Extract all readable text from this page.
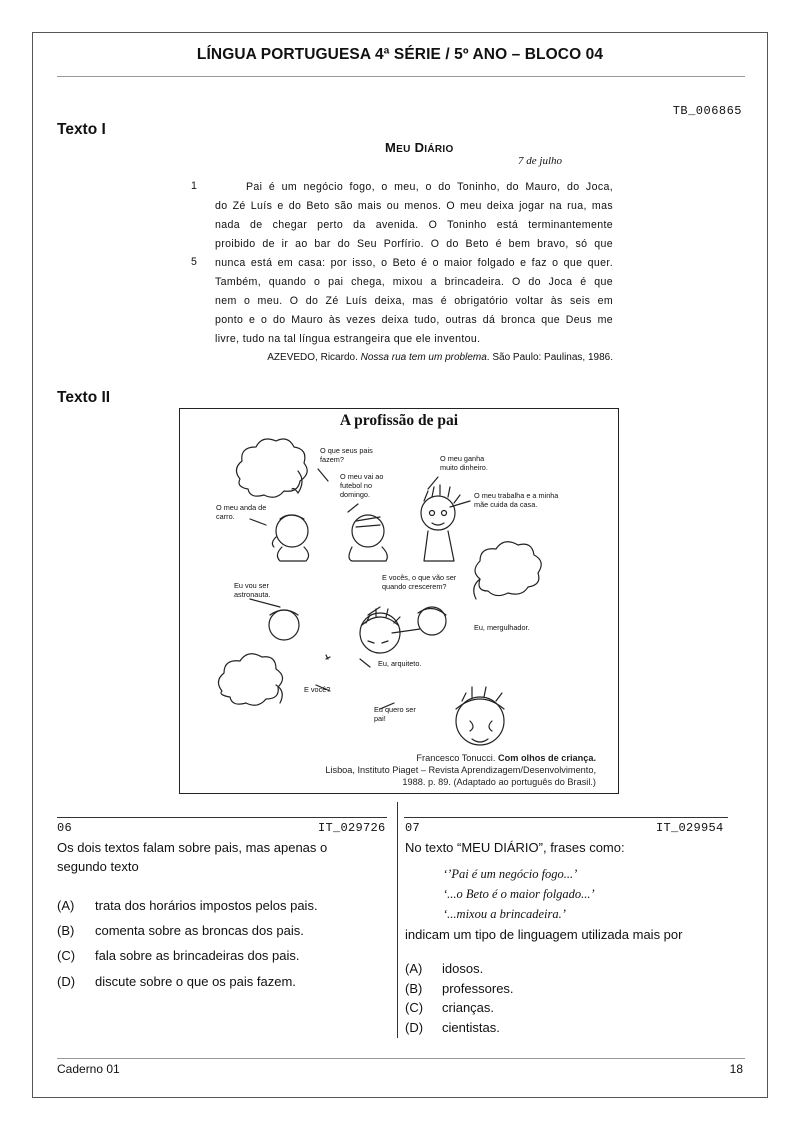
LÍNGUA PORTUGUESA 4ª SÉRIE / 5º ANO – BLOCO 04
TB_006865
Texto I
MEU DIÁRIO
7 de julho
1
5
Pai é um negócio fogo, o meu, o do Toninho, do Mauro, do Joca,
do Zé Luís e do Beto são mais ou menos. O meu deixa jogar na rua, mas
nada de chegar perto da avenida. O Toninho está terminantemente
proibido de ir ao bar do Seu Porfírio. O do Beto é bem bravo, só que
nunca está em casa: por isso, o Beto é o maior folgado e faz o que quer.
Também, quando o pai chega, mixou a brincadeira. O do Joca é que
nem o meu. O do Zé Luís deixa, mas é obrigatório voltar às seis em
ponto e o do Mauro às vezes deixa tudo, outras dá bronca que Deus me
livre, tudo na tal língua estrangeira que ele inventou.
AZEVEDO, Ricardo. Nossa rua tem um problema. São Paulo: Paulinas, 1986.
Texto II
A profissão de pai
O que seus pais fazem?
O meu vai ao futebol no domingo.
O meu ganha muito dinheiro.
O meu anda de carro.
O meu trabalha e a minha mãe cuida da casa.
E vocês, o que vão ser quando crescerem?
Eu vou ser astronauta.
Eu, mergulhador.
Eu, arquiteto.
E você?
Eu quero ser pai!
Francesco Tonucci. Com olhos de criança.
Lisboa, Instituto Piaget – Revista Aprendizagem/Desenvolvimento,
1988. p. 89. (Adaptado ao português do Brasil.)
06	IT_029726
Os dois textos falam sobre pais, mas apenas o
segundo texto
(A) trata dos horários impostos pelos pais.
(B) comenta sobre as broncas dos pais.
(C) fala sobre as brincadeiras dos pais.
(D) discute sobre o que os pais fazem.
07	IT_029954
No texto “MEU DIÁRIO”, frases como:
‘’Pai é um negócio fogo...’
‘...o Beto é o maior folgado...’
‘...mixou a brincadeira.’
indicam um tipo de linguagem utilizada mais por
(A) idosos.
(B) professores.
(C) crianças.
(D) cientistas.
Caderno 01	18
